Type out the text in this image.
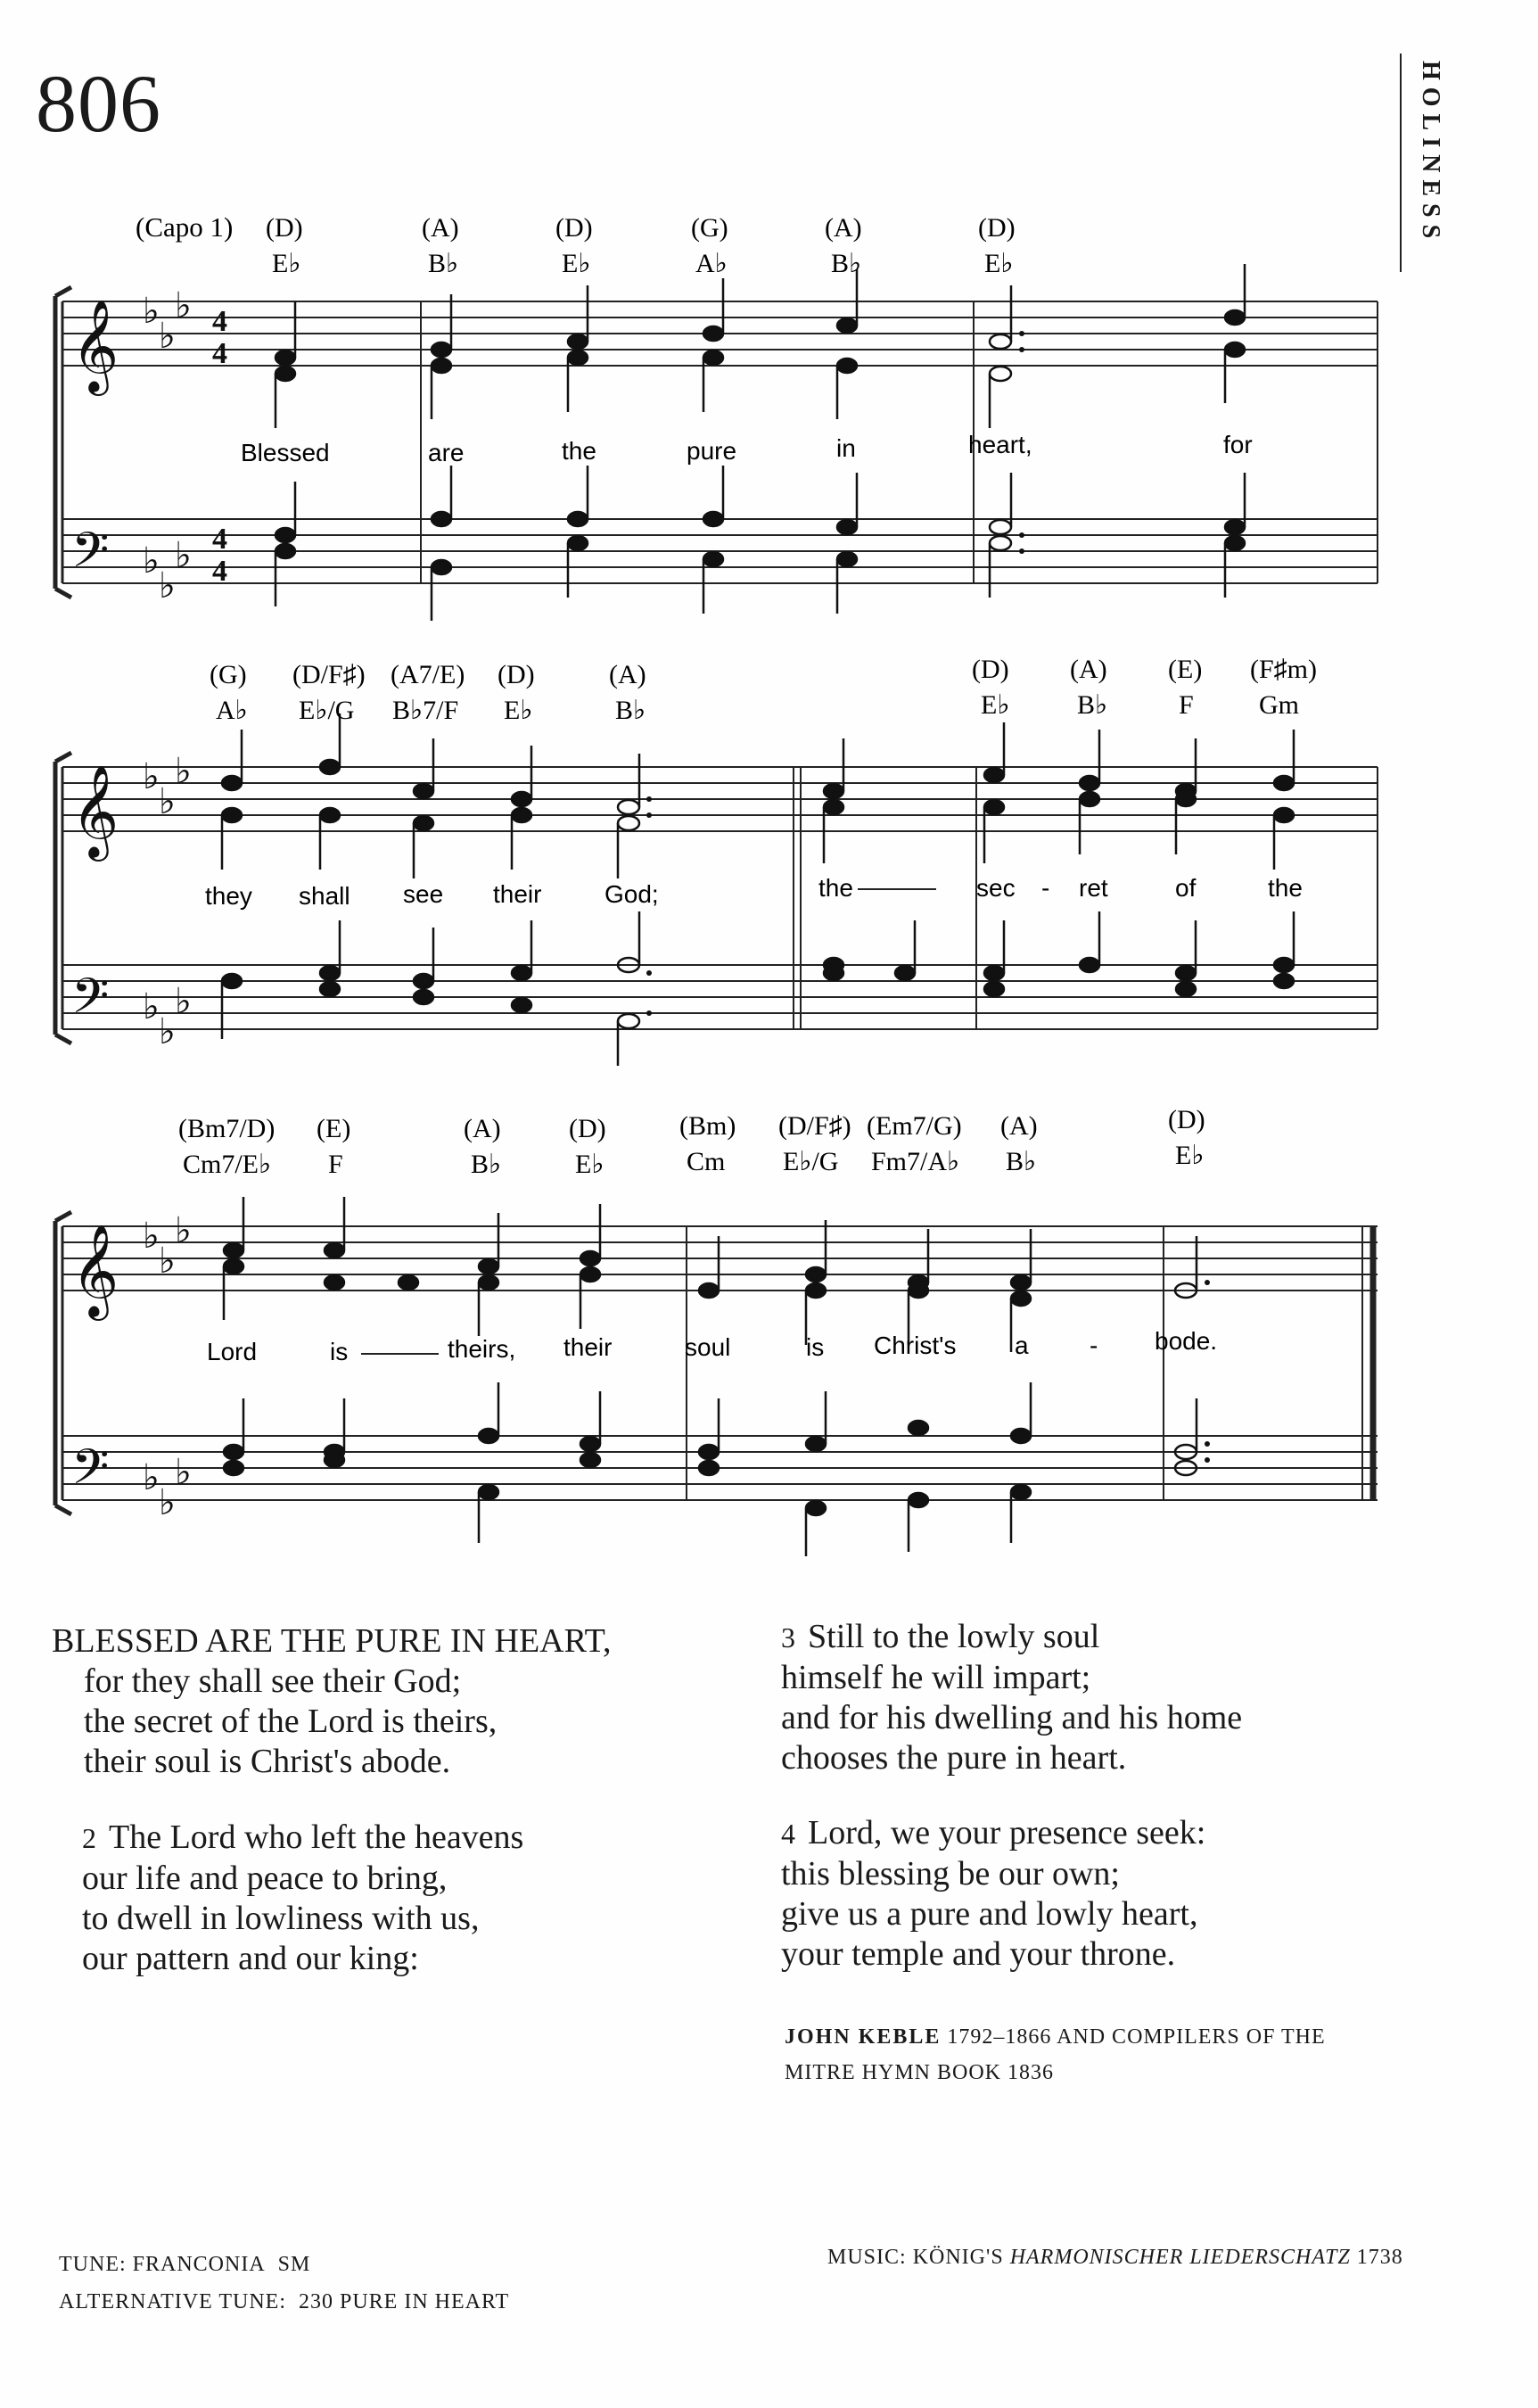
806	HOLINESS
𝄞
𝄢
𝄞
𝄢
𝄞
𝄢
♭
♭
♭
♭
♭
♭
♭
♭
♭
♭
♭
♭
♭
♭
♭
♭
♭
♭
4
4
4
4
(Capo 1) (D)	(A)	(D)	(G)	(A)	(D)
E♭	B♭	E♭	A♭	B♭	E♭
Blessed	are	the	pure	in	heart,	for
(G) (D/F♯) (A7/E) (D)	(A)	(D) (A) (E) (F♯m)
A♭ E♭/G B♭7/F E♭	B♭	E♭	B♭	F Gm
they shall see their	God;	the	sec - ret	of	the
(Bm7/D) (E)	(A)	(D)	(Bm) (D/F♯) (Em7/G) (A)	(D)
Cm7/E♭ F	B♭	E♭	Cm E♭/G Fm7/A♭ B♭	E♭
Lord	is	theirs, their	soul	is Christ's a - bode.
BLESSED ARE THE PURE IN HEART,
for they shall see their God;
the secret of the Lord is theirs,
their soul is Christ's abode.
2 The Lord who left the heavens
our life and peace to bring,
to dwell in lowliness with us,
our pattern and our king:
3 Still to the lowly soul
himself he will impart;
and for his dwelling and his home
chooses the pure in heart.
4 Lord, we your presence seek:
this blessing be our own;
give us a pure and lowly heart,
your temple and your throne.
JOHN KEBLE 1792–1866 AND COMPILERS OF THE
MITRE HYMN BOOK 1836
TUNE: FRANCONIA SM
ALTERNATIVE TUNE: 230 PURE IN HEART
MUSIC: KÖNIG'S HARMONISCHER LIEDERSCHATZ 1738
